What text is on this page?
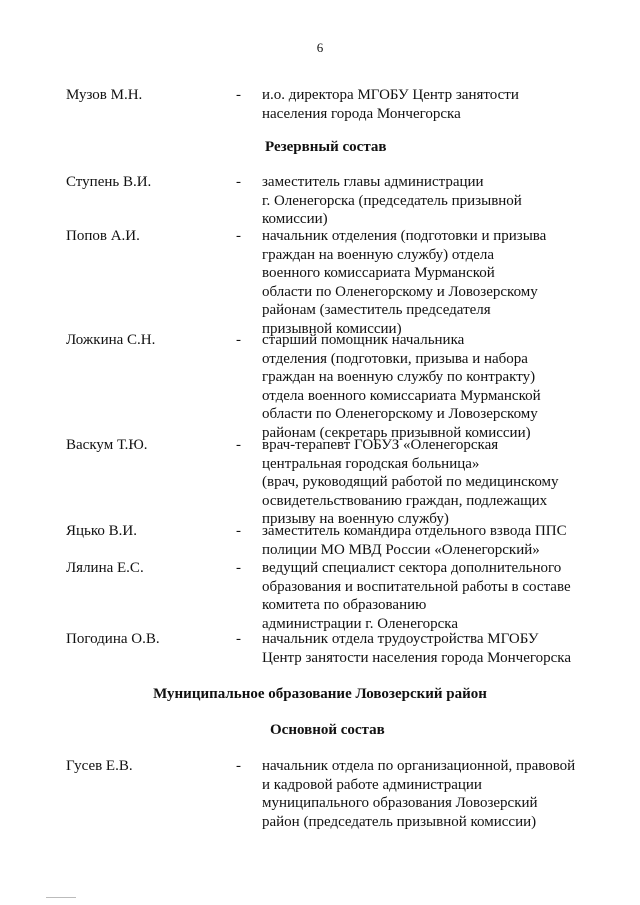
6
Музов М.Н.	- и.о. директора МГОБУ Центр занятости
населения города Мончегорска
Резервный состав
Ступень В.И.	- заместитель главы администрации
г. Оленегорска (председатель призывной
комиссии)
Попов А.И.	- начальник отделения (подготовки и призыва
граждан на военную службу) отдела
военного комиссариата Мурманской
области по Оленегорскому и Ловозерскому
районам (заместитель председателя
призывной комиссии)
Ложкина С.Н.	- старший помощник начальника
отделения (подготовки, призыва и набора
граждан на военную службу по контракту)
отдела военного комиссариата Мурманской
области по Оленегорскому и Ловозерскому
районам (секретарь призывной комиссии)
Васкум Т.Ю.	- врач-терапевт ГОБУЗ «Оленегорская
центральная городская больница»
(врач, руководящий работой по медицинскому
освидетельствованию граждан, подлежащих
призыву на военную службу)
Яцько В.И.	- заместитель командира отдельного взвода ППС
полиции МО МВД России «Оленегорский»
Лялина Е.С.	- ведущий специалист сектора дополнительного
образования и воспитательной работы в составе
комитета по образованию
администрации г. Оленегорска
Погодина О.В.	- начальник отдела трудоустройства МГОБУ
Центр занятости населения города Мончегорска
Муниципальное образование Ловозерский район
Основной состав
Гусев Е.В.	- начальник отдела по организационной, правовой
и кадровой работе администрации
муниципального образования Ловозерский
район (председатель призывной комиссии)
